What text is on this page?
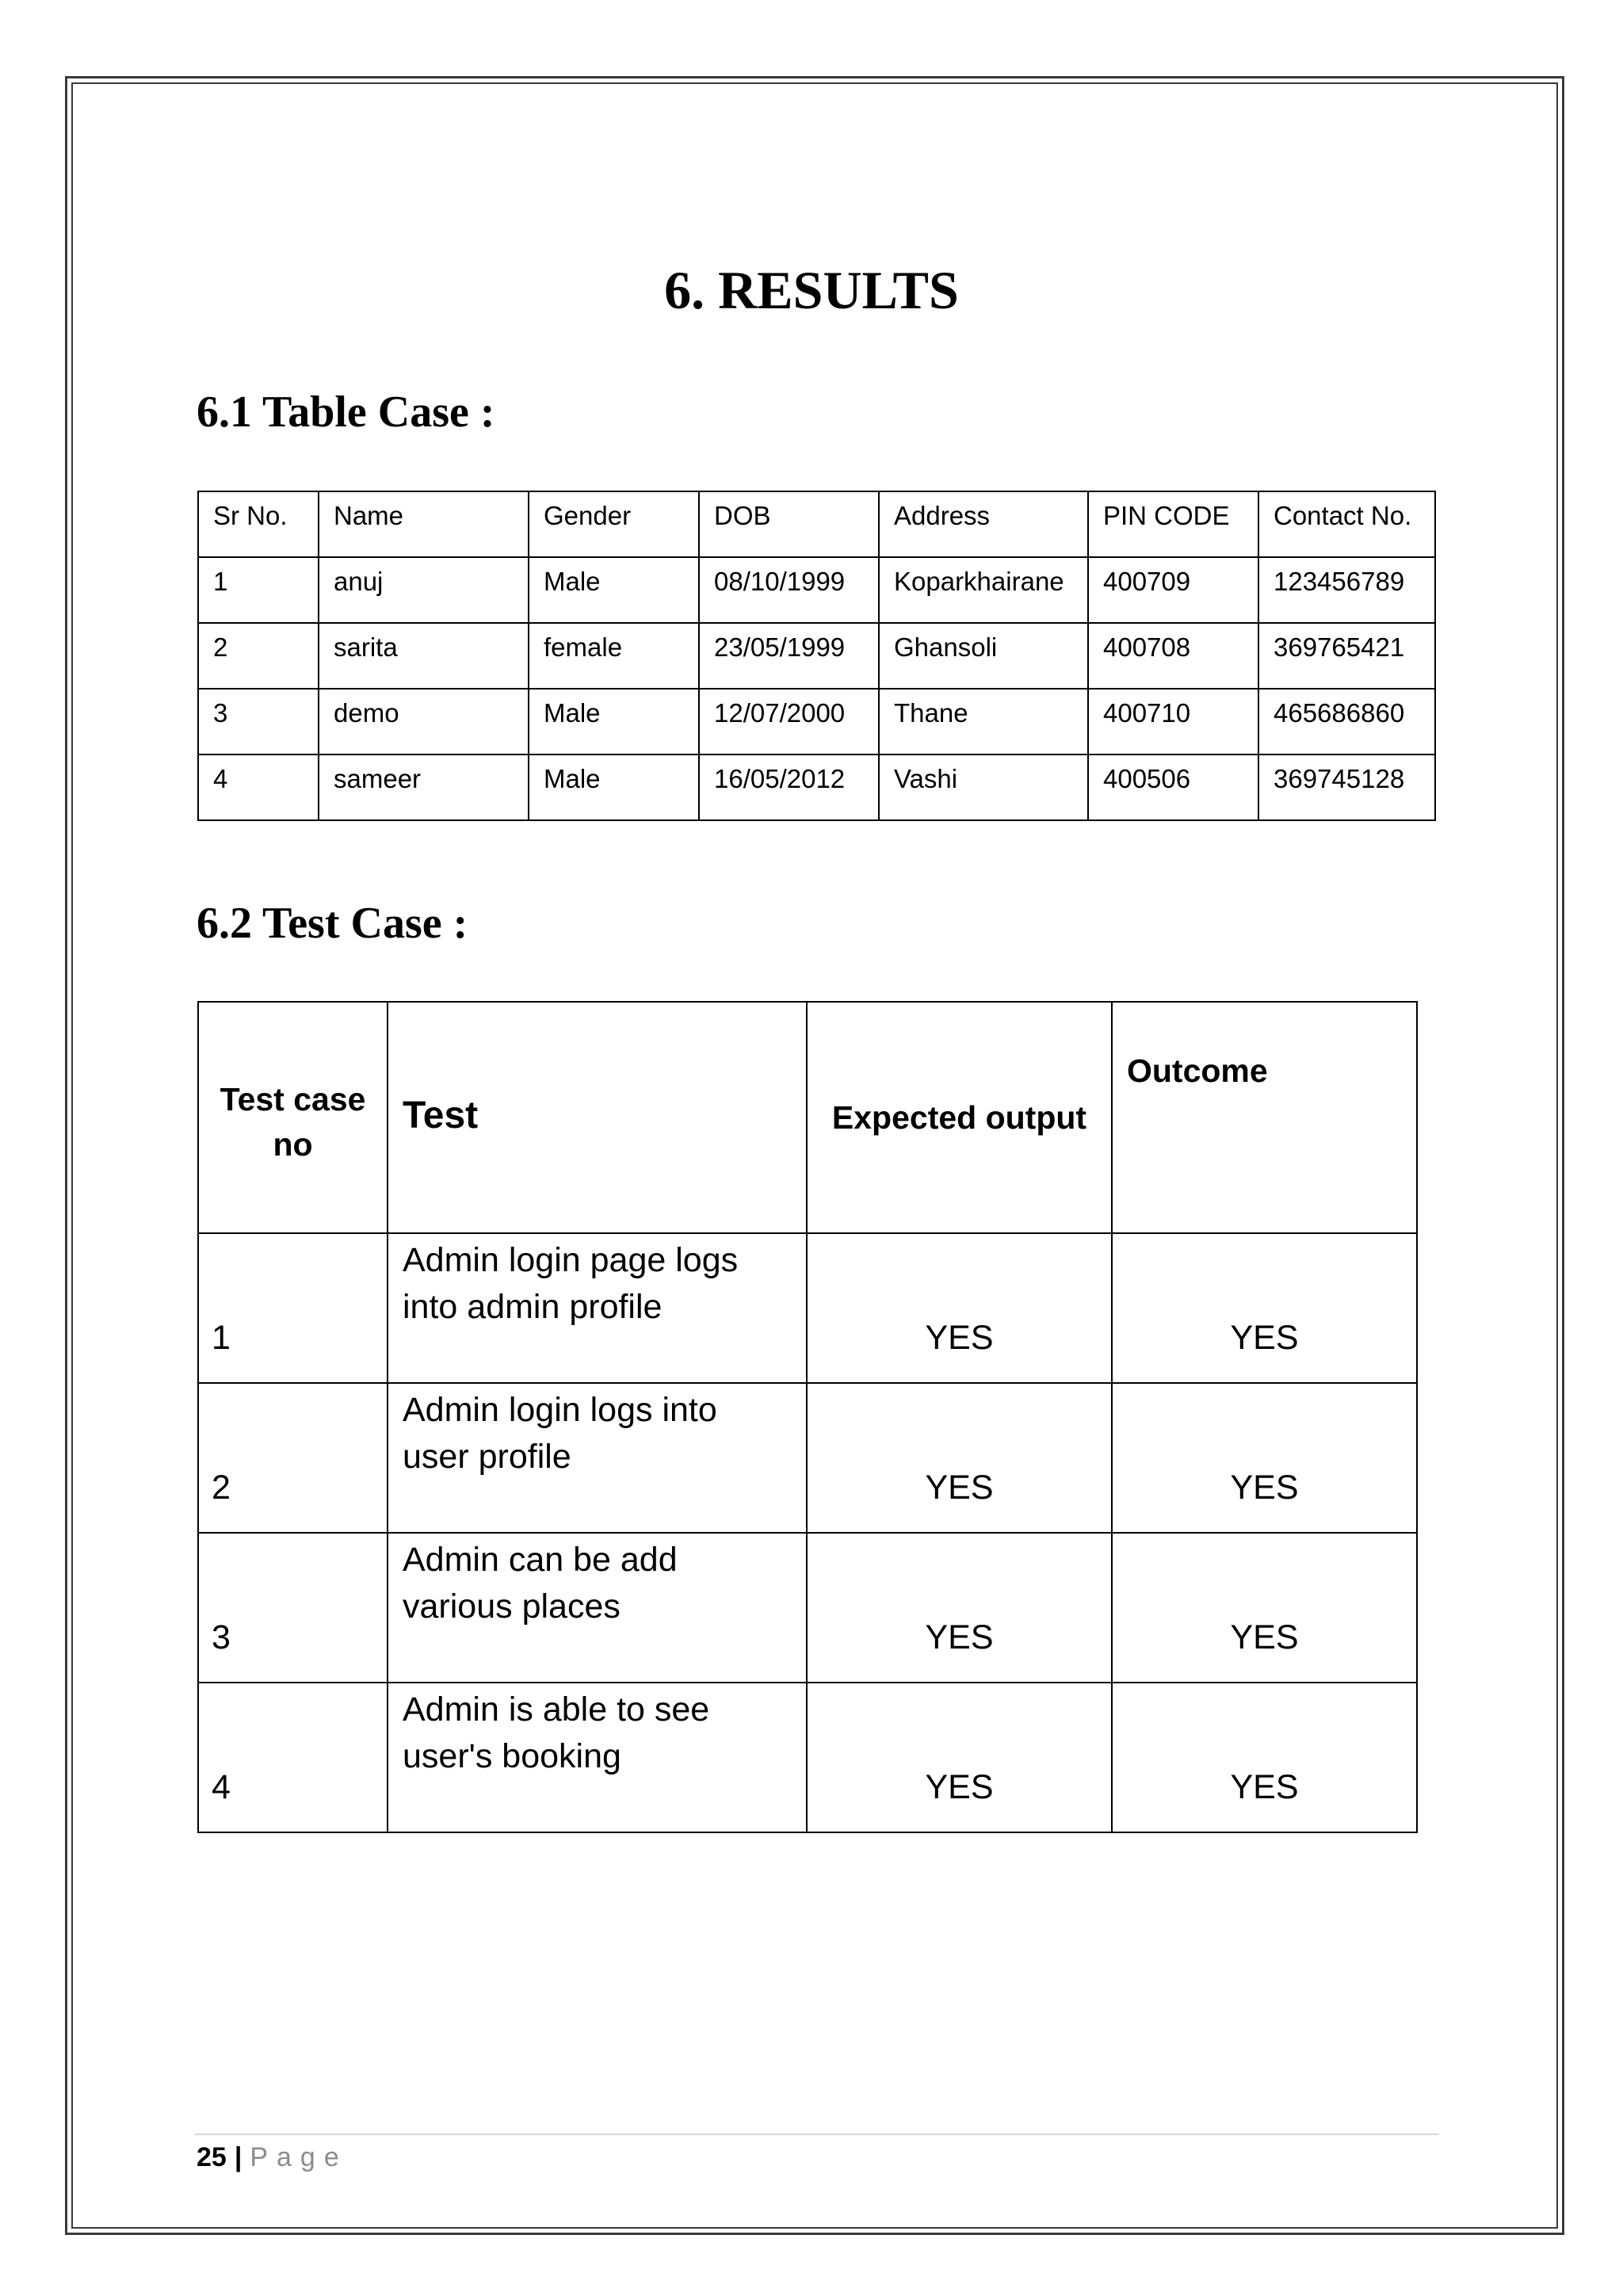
6. RESULTS
6.1 Table Case :
Sr No.	Name	Gender	DOB	Address	PIN CODE	Contact No.
1	anuj	Male	08/10/1999	Koparkhairane	400709	123456789
2	sarita	female	23/05/1999	Ghansoli	400708	369765421
3	demo	Male	12/07/2000	Thane	400710	465686860
4	sameer	Male	16/05/2012	Vashi	400506	369745128
6.2 Test Case :
Test case no	Test	Expected output	Outcome
1	Admin login page logs into admin profile	YES	YES
2	Admin login logs into user profile	YES	YES
3	Admin can be add various places	YES	YES
4	Admin is able to see user's booking	YES	YES
25 | Page
